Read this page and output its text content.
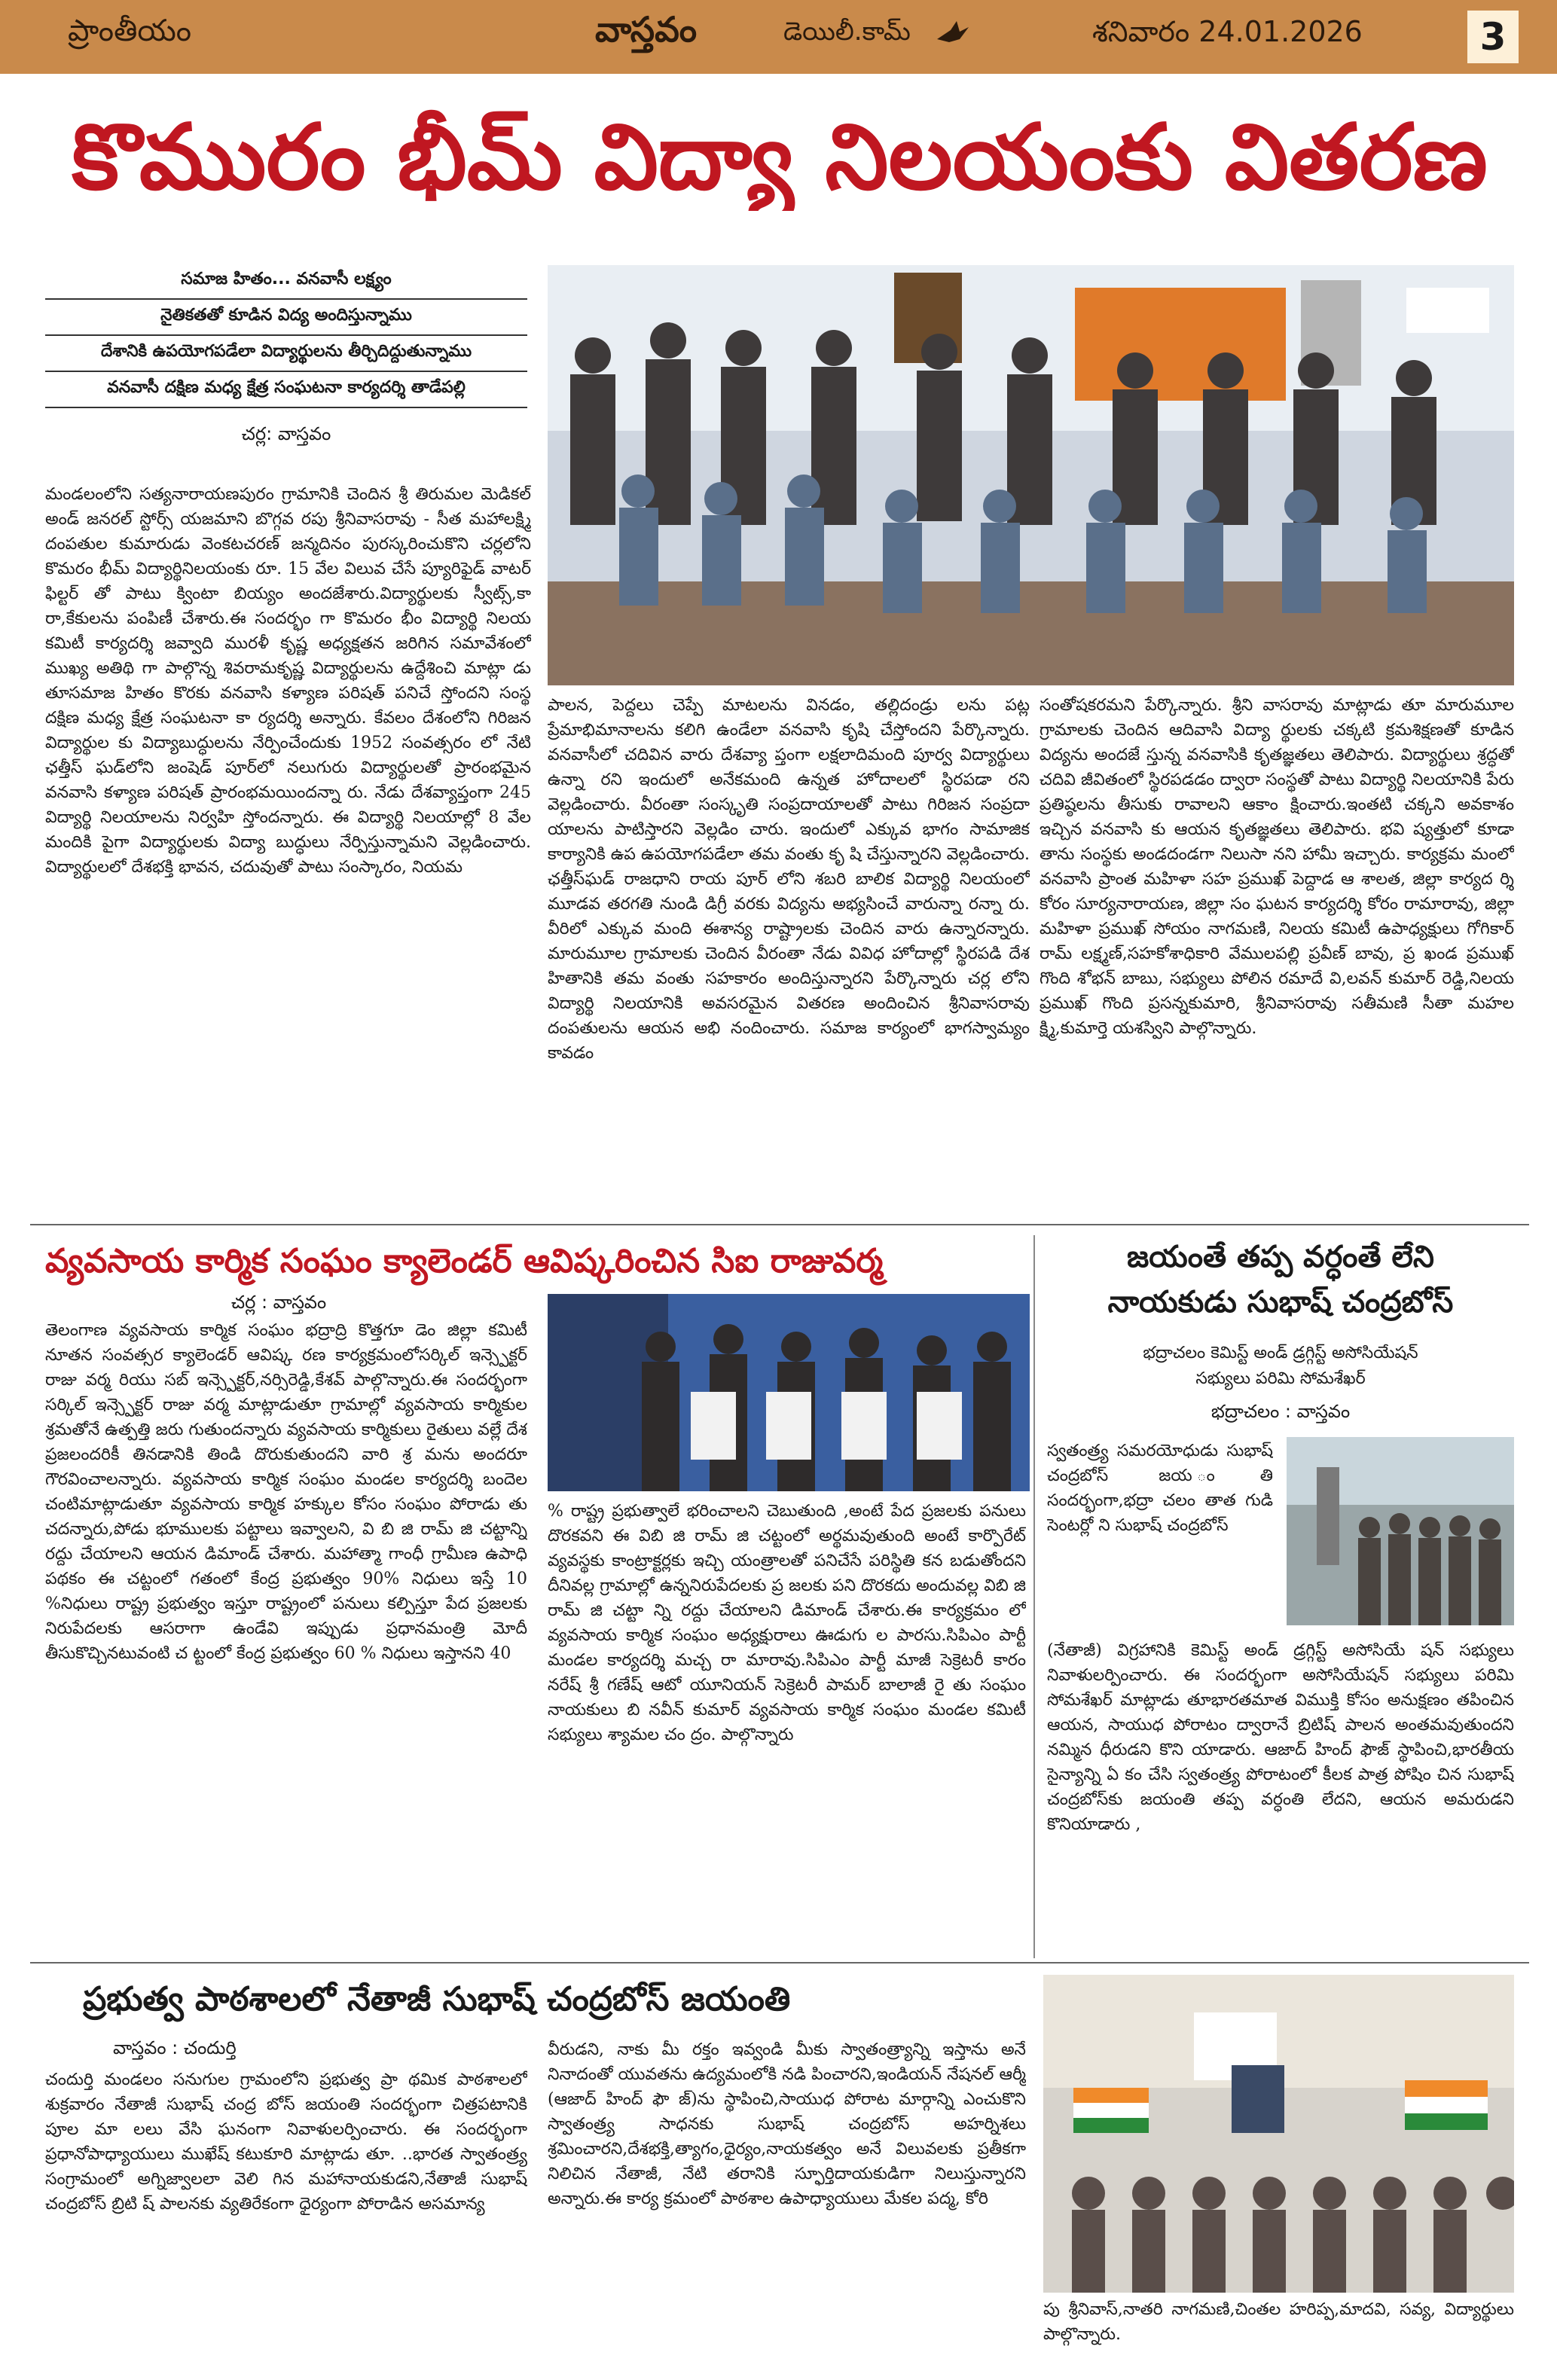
ప్రాంతీయం	వాస్తవం	డెయిలీ.కామ్	శనివారం 24.01.2026	3
కొమురం భీమ్ విద్యా నిలయంకు వితరణ
సమాజ హితం... వనవాసీ లక్ష్యం
నైతికతతో కూడిన విద్య అందిస్తున్నాము
దేశానికి ఉపయోగపడేలా విద్యార్థులను తీర్చిదిద్దుతున్నాము
వనవాసీ దక్షిణ మధ్య క్షేత్ర సంఘటనా కార్యదర్శి తాడేపల్లి
చర్ల: వాస్తవం
మండలంలోని సత్యనారాయణపురం గ్రామానికి చెందిన శ్రీ తిరుమల మెడికల్ అండ్ జనరల్ స్టోర్స్ యజమాని బొగ్గవ రపు శ్రీనివాసరావు - సీత మహాలక్ష్మి దంపతుల కుమారుడు వెంకటచరణ్ జన్మదినం పురస్కరించుకొని చర్లలోని కొమరం భీమ్ విద్యార్థినిలయంకు రూ. 15 వేల విలువ చేసే ప్యూరిఫైడ్ వాటర్ ఫిల్టర్ తో పాటు క్వింటా బియ్యం అందజేశారు.విద్యార్థులకు స్వీట్స్,కా రా,కేకులను పంపిణీ చేశారు.ఈ సందర్భం గా కొమరం భీం విద్యార్థి నిలయ కమిటీ కార్యదర్శి జవ్వాది మురళీ కృష్ణ అధ్యక్షతన జరిగిన సమావేశంలో ముఖ్య అతిథి గా పాల్గొన్న శివరామకృష్ణ విద్యార్థులను ఉద్దేశించి మాట్లా డు తూసమాజ హితం కొరకు వనవాసి కళ్యాణ పరిషత్ పనిచే స్తోందని సంస్థ దక్షిణ మధ్య క్షేత్ర సంఘటనా కా ర్యదర్శి అన్నారు. కేవలం దేశంలోని గిరిజన విద్యార్థుల కు విద్యాబుద్ధులను నేర్పించేందుకు 1952 సంవత్సరం లో నేటి ఛత్తీస్ ఘడ్‌లోని జంషెడ్ పూర్‌లో నలుగురు విద్యార్థులతో ప్రారంభమైన వనవాసి కళ్యాణ పరిషత్ ప్రారంభమయిందన్నా రు. నేడు దేశవ్యాప్తంగా 245 విద్యార్థి నిలయాలను నిర్వహి స్తోందన్నారు. ఈ విద్యార్థి నిలయాల్లో 8 వేల మందికి పైగా విద్యార్థులకు విద్యా బుద్ధులు నేర్పిస్తున్నామని వెల్లడించారు. విద్యార్థులలో దేశభక్తి భావన, చదువుతో పాటు సంస్కారం, నియమ
పాలన, పెద్దలు చెప్పే మాటలను వినడం, తల్లిదండ్రు లను పట్ల ప్రేమాభిమానాలను కలిగి ఉండేలా వనవాసి కృషి చేస్తోందని పేర్కొన్నారు. వనవాసీలో చదివిన వారు దేశవ్యా ప్తంగా లక్షలాదిమంది పూర్వ విద్యార్థులు ఉన్నా రని ఇందులో అనేకమంది ఉన్నత హోదాలలో స్థిరపడా రని వెల్లడించారు. వీరంతా సంస్కృతి సంప్రదాయాలతో పాటు గిరిజన సంప్రదా యాలను పాటిస్తారని వెల్లడిం చారు. ఇందులో ఎక్కువ భాగం సామాజిక కార్యానికి ఉప ఉపయోగపడేలా తమ వంతు కృ షి చేస్తున్నారని వెల్లడించారు. ఛత్తీస్‌ఘడ్ రాజధాని రాయ పూర్ లోని శబరి బాలిక విద్యార్థి నిలయంలో మూడవ తరగతి నుండి డిగ్రీ వరకు విద్యను అభ్యసించే వారున్నా రన్నా రు. వీరిలో ఎక్కువ మంది ఈశాన్య రాష్ట్రాలకు చెందిన వారు ఉన్నారన్నారు. మారుమూల గ్రామాలకు చెందిన వీరంతా నేడు వివిధ హోదాల్లో స్థిరపడి దేశ హితానికి తమ వంతు సహకారం అందిస్తున్నారని పేర్కొన్నారు చర్ల లోని విద్యార్థి నిలయానికి అవసరమైన వితరణ అందించిన శ్రీనివాసరావు దంపతులను ఆయన అభి నందించారు. సమాజ కార్యంలో భాగస్వామ్యం కావడం
సంతోషకరమని పేర్కొన్నారు. శ్రీని వాసరావు మాట్లాడు తూ మారుమూల గ్రామాలకు చెందిన ఆదివాసి విద్యా ర్థులకు చక్కటి క్రమశిక్షణతో కూడిన విద్యను అందజే స్తున్న వనవాసికి కృతజ్ఞతలు తెలిపారు. విద్యార్థులు శ్రద్ధతో చదివి జీవితంలో స్థిరపడడం ద్వారా సంస్థతో పాటు విద్యార్థి నిలయానికి పేరు ప్రతిష్ఠలను తీసుకు రావాలని ఆకాం క్షించారు.ఇంతటి చక్కని అవకాశం ఇచ్చిన వనవాసి కు ఆయన కృతజ్ఞతలు తెలిపారు. భవి ష్యత్తులో కూడా తాను సంస్థకు అండదండగా నిలుసా నని హామీ ఇచ్చారు. కార్యక్రమ మంలో వనవాసి ప్రాంత మహిళా సహ ప్రముఖ్ పెద్దాడ ఆ శాలత, జిల్లా కార్యద ర్శి కోరం సూర్యనారాయణ, జిల్లా సం ఘటన కార్యదర్శి కోరం రామారావు, జిల్లా మహిళా ప్రముఖ్ సోయం నాగమణి, నిలయ కమిటీ ఉపాధ్యక్షులు గోగికార్ రామ్ లక్ష్మణ్,సహకోశాధికారి వేములపల్లి ప్రవీణ్ బావు, ప్ర ఖండ ప్రముఖ్ గొంది శోభన్ బాబు, సభ్యులు పోలిన రమాదే వి,లవన్ కుమార్ రెడ్డి,నిలయ ప్రముఖ్ గొంది ప్రసన్నకుమారి, శ్రీనివాసరావు సతీమణి సీతా మహల క్ష్మి,కుమార్తె యశస్విని పాల్గొన్నారు.
వ్యవసాయ కార్మిక సంఘం క్యాలెండర్ ఆవిష్కరించిన సిఐ రాజువర్మ
చర్ల : వాస్తవం
తెలంగాణ వ్యవసాయ కార్మిక సంఘం భద్రాద్రి కొత్తగూ డెం జిల్లా కమిటీ నూతన సంవత్సర క్యాలెండర్ ఆవిష్క రణ కార్యక్రమంలోసర్కిల్ ఇన్స్పెక్టర్ రాజు వర్మ రియు సబ్ ఇన్స్పెక్టర్,నర్సిరెడ్డి,కేశవ్ పాల్గొన్నారు.ఈ సందర్భంగా సర్కిల్ ఇన్స్పెక్టర్ రాజు వర్మ మాట్లాడుతూ గ్రామాల్లో వ్యవసాయ కార్మికుల శ్రమతోనే ఉత్పత్తి జరు గుతుందన్నారు వ్యవసాయ కార్మికులు రైతులు వల్లే దేశ ప్రజలందరికీ తినడానికి తిండి దొరుకుతుందని వారి శ్ర మను అందరూ గౌరవించాలన్నారు. వ్యవసాయ కార్మిక సంఘం మండల కార్యదర్శి బందెల చంటిమాట్లాడుతూ వ్యవసాయ కార్మిక హక్కుల కోసం సంఘం పోరాడు తు చదన్నారు,పోడు భూములకు పట్టాలు ఇవ్వాలని, వి బి జి రామ్ జి చట్టాన్ని రద్దు చేయాలని ఆయన డిమాండ్ చేశారు. మహాత్మా గాంధీ గ్రామీణ ఉపాధి పథకం ఈ చట్టంలో గతంలో కేంద్ర ప్రభుత్వం 90% నిధులు ఇస్తే 10 %నిధులు రాష్ట్ర ప్రభుత్వం ఇస్తూ రాష్ట్రంలో పనులు కల్పిస్తూ పేద ప్రజలకు నిరుపేదలకు ఆసరాగా ఉండేవి ఇప్పుడు ప్రధానమంత్రి మోదీ తీసుకొచ్చినటువంటి చ ట్టంలో కేంద్ర ప్రభుత్వం 60 % నిధులు ఇస్తానని 40
% రాష్ట్ర ప్రభుత్వాలే భరించాలని చెబుతుంది ,అంటే పేద ప్రజలకు పనులు దొరకవని ఈ విబి జి రామ్ జి చట్టంలో అర్థమవుతుంది అంటే కార్పొరేట్ వ్యవస్థకు కాంట్రాక్టర్లకు ఇచ్చి యంత్రాలతో పనిచేసే పరిస్థితి కన బడుతోందని దీనివల్ల గ్రామాల్లో ఉన్ననిరుపేదలకు ప్ర జలకు పని దొరకదు అందువల్ల విబి జి రామ్ జి చట్టా న్ని రద్దు చేయాలని డిమాండ్ చేశారు.ఈ కార్యక్రమం లో వ్యవసాయ కార్మిక సంఘం అధ్యక్షురాలు ఊడుగు ల పారసు.సిపిఎం పార్టీ మండల కార్యదర్శి మచ్చ రా మారావు.సిపిఎం పార్టీ మాజీ సెక్రెటరీ కారం నరేష్ శ్రీ గణేష్ ఆటో యూనియన్ సెక్రెటరీ పామర్ బాలాజీ రై తు సంఘం నాయకులు బి నవీన్ కుమార్ వ్యవసాయ కార్మిక సంఘం మండల కమిటీ సభ్యులు శ్యామల చం ద్రం. పాల్గొన్నారు
జయంతే తప్ప వర్ధంతే లేని
నాయకుడు సుభాష్ చంద్రబోస్
భద్రాచలం కెమిస్ట్ అండ్ డ్రగ్గిస్ట్ అసోసియేషన్
సభ్యులు పరిమి సోమశేఖర్
భద్రాచలం : వాస్తవం
స్వతంత్ర్య సమరయోధుడు సుభాష్ చంద్రబోస్ జయ ంతి సందర్భంగా,భద్రా చలం తాత గుడి సెంటర్లో ని సుభాష్ చంద్రబోస్
(నేతాజీ) విగ్రహానికి కెమిస్ట్ అండ్ డ్రగ్గిస్ట్ అసోసియే షన్ సభ్యులు నివాళులర్పించారు. ఈ సందర్భంగా అసోసియేషన్ సభ్యులు పరిమి సోమశేఖర్ మాట్లాడు తూభారతమాత విముక్తి కోసం అనుక్షణం తపించిన ఆయన, సాయుధ పోరాటం ద్వారానే బ్రిటిష్ పాలన అంతమవుతుందని నమ్మిన ధీరుడని కొని యాడారు. ఆజాద్ హింద్ ఫౌజ్ స్థాపించి,భారతీయ సైన్యాన్ని ఏ కం చేసి స్వతంత్ర్య పోరాటంలో కీలక పాత్ర పోషిం చిన సుభాష్ చంద్రబోస్‌కు జయంతి తప్ప వర్ధంతి లేదని, ఆయన అమరుడని కొనియాడారు ,
ప్రభుత్వ పాఠశాలలో నేతాజీ సుభాష్ చంద్రబోస్ జయంతి
వాస్తవం : చందుర్తి
చందుర్తి మండలం సనుగుల గ్రామంలోని ప్రభుత్వ ప్రా థమిక పాఠశాలలో శుక్రవారం నేతాజీ సుభాష్ చంద్ర బోస్ జయంతి సందర్భంగా చిత్రపటానికి పూల మా లలు వేసి ఘనంగా నివాళులర్పించారు. ఈ సందర్భంగా ప్రధానోపాధ్యాయులు ముఖేష్ కటుకూరి మాట్లాడు తూ. ..భారత స్వాతంత్ర్య సంగ్రామంలో అగ్నిజ్వాలలా వెలి గిన మహానాయకుడని,నేతాజీ సుభాష్ చంద్రబోస్ బ్రిటి ష్ పాలనకు వ్యతిరేకంగా ధైర్యంగా పోరాడిన అసమాన్య
వీరుడని, నాకు మీ రక్తం ఇవ్వండి మీకు స్వాతంత్ర్యాన్ని ఇస్తాను అనే నినాదంతో యువతను ఉద్యమంలోకి నడి పించారని,ఇండియన్ నేషనల్ ఆర్మీ (ఆజాద్ హింద్ ఫౌ జ్)ను స్థాపించి,సాయుధ పోరాట మార్గాన్ని ఎంచుకొని స్వాతంత్ర్య సాధనకు సుభాష్ చంద్రబోస్ అహర్నిశలు శ్రమించారని,దేశభక్తి,త్యాగం,ధైర్యం,నాయకత్వం అనే విలువలకు ప్రతీకగా నిలిచిన నేతాజీ, నేటి తరానికి స్ఫూర్తిదాయకుడిగా నిలుస్తున్నారని అన్నారు.ఈ కార్య క్రమంలో పాఠశాల ఉపాధ్యాయులు మేకల పద్మ, కోరి
పు శ్రీనివాస్,నాతరి నాగమణి,చింతల హరిప్ప,మాదవి, సవ్య, విద్యార్థులు పాల్గొన్నారు.
